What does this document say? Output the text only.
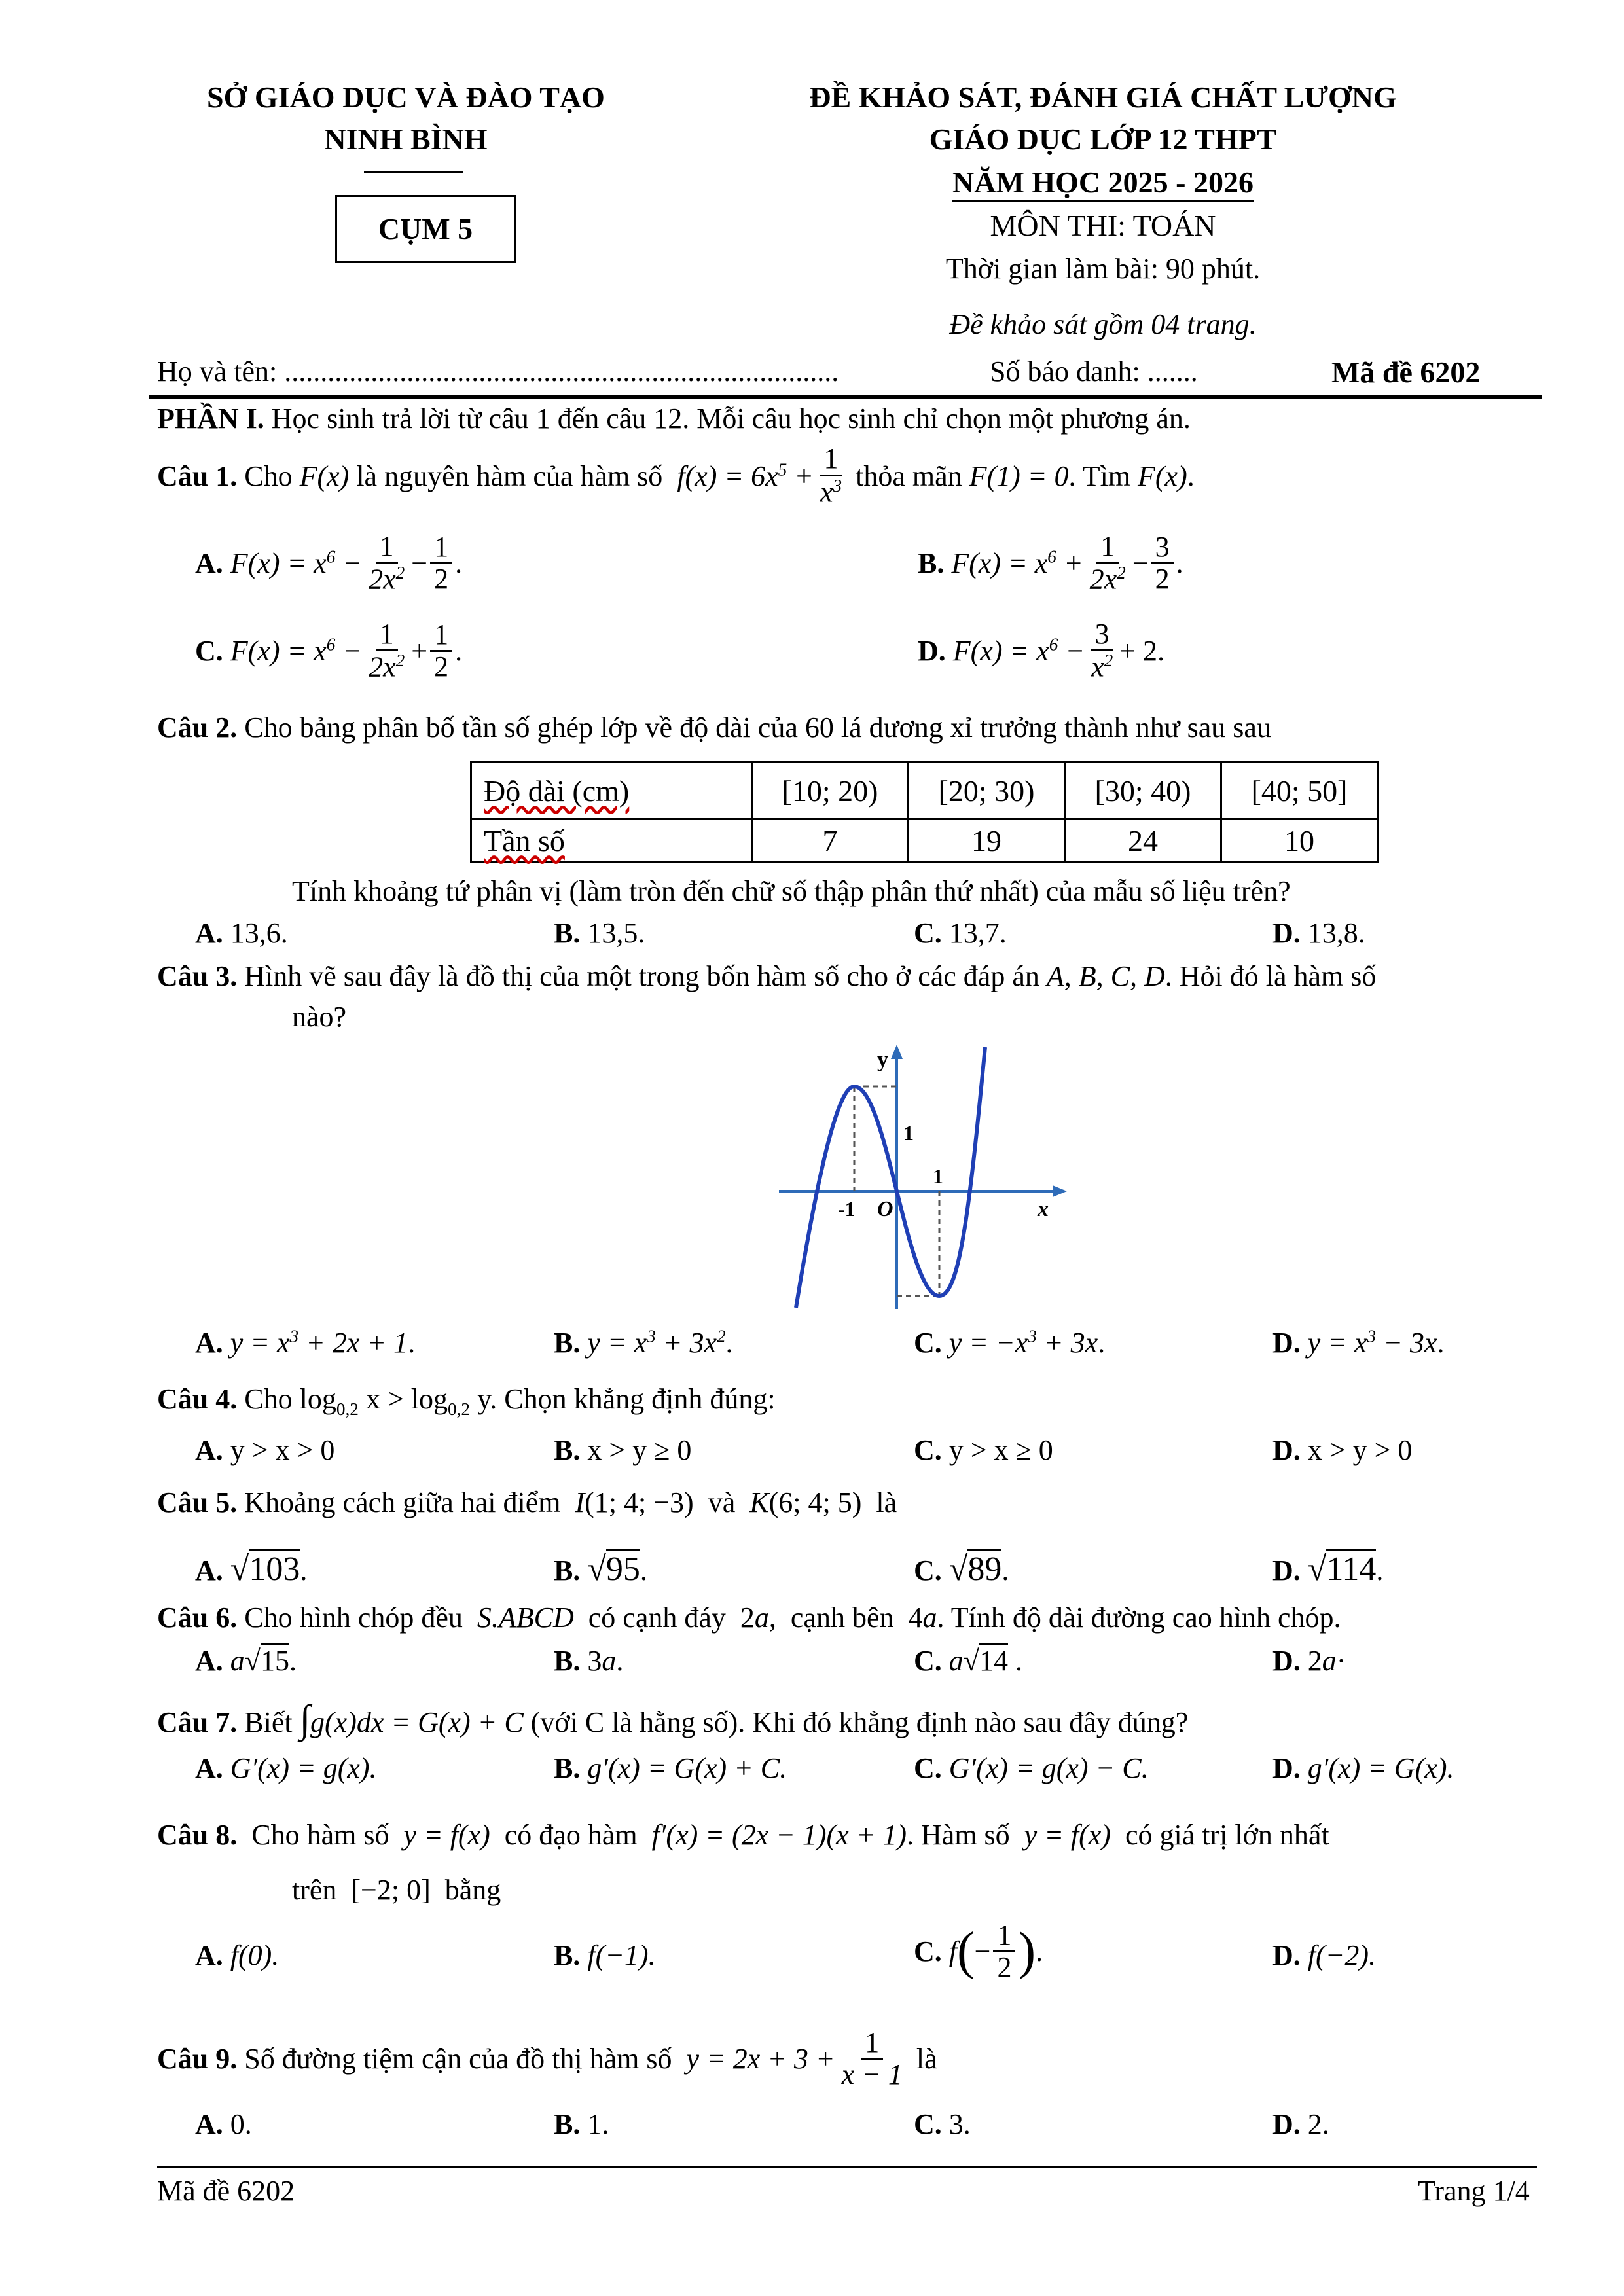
SỞ GIÁO DỤC VÀ ĐÀO TẠO
NINH BÌNH
CỤM 5
ĐỀ KHẢO SÁT, ĐÁNH GIÁ CHẤT LƯỢNG
GIÁO DỤC LỚP 12 THPT
NĂM HỌC 2025 - 2026
MÔN THI: TOÁN
Thời gian làm bài: 90 phút.
Đề khảo sát gồm 04 trang.
Họ và tên: .............................................................................	Số báo danh: .......	Mã đề 6202
PHẦN I. Học sinh trả lời từ câu 1 đến câu 12. Mỗi câu học sinh chỉ chọn một phương án.
Câu 1.
Cho
F(x)
là nguyên hàm của hàm số
$f(x) = 6x^5 + \frac{1}{x^3}$
thỏa mãn
F(1) = 0 . Tìm
F(x) .
A.
$F(x) = x^6 - \frac{1}{2x^2} - \frac{1}{2}$ .	B.
$F(x) = x^6 + \frac{1}{2x^2} - \frac{3}{2}$ .
C.
$F(x) = x^6 - \frac{1}{2x^2} + \frac{1}{2}$ .	D.
$F(x) = x^6 - \frac{3}{x^2} + 2$ .
Câu 2. Cho bảng phân bố tần số ghép lớp về độ dài của 60 lá dương xỉ trưởng thành như sau sau
Độ dài (cm)	[10; 20)	[20; 30)	[30; 40)	[40; 50]
Tần số	7	19	24	10
Tính khoảng tứ phân vị (làm tròn đến chữ số thập phân thứ nhất) của mẫu số liệu trên?
A. 13,6.	B. 13,5.	C. 13,7.	D. 13,8.
Câu 3. Hình vẽ sau đây là đồ thị của một trong bốn hàm số cho ở các đáp án A, B, C, D. Hỏi đó là hàm số
nào?
y
x
O
-1
1
1
A. $y = x^3 + 2x + 1$.	B. $y = x^3 + 3x^2$.	C. $y = -x^3 + 3x$.	D. $y = x^3 - 3x$.
Câu 4. Cho $\log_{0,2} x > \log_{0,2} y$. Chọn khẳng định đúng:
A. y > x > 0	B. x > y ≥ 0	C. y > x ≥ 0	D. x > y > 0
Câu 5. Khoảng cách giữa hai điểm I(1; 4; −3)  và K(6; 4; 5)  là
A. √103.	B. √95.	C. √89.	D. √114.
Câu 6. Cho hình chóp đều S.ABCD có cạnh đáy  2a,  cạnh bên  4a. Tính độ dài đường cao hình chóp.
A. a√15.	B. 3a.	C. a√14 .	D. 2a·
Câu 7. Biết ∫g(x)dx = G(x) + C (với C là hằng số). Khi đó khẳng định nào sau đây đúng?
A. G′(x) = g(x).	B. g′(x) = G(x) + C.	C. G′(x) = g(x) − C.	D. g′(x) = G(x).
Câu 8. Cho hàm số y = f(x) có đạo hàm f′(x) = (2x − 1)(x + 1). Hàm số y = f(x) có giá trị lớn nhất
trên  [−2; 0]  bằng
A. f(0).	B. f(−1).	C.
f ( − $\frac{1}{2}$ ) .	D. f(−2).
Câu 9.
Số đường tiệm cận của đồ thị hàm số
$y = 2x + 3 + \frac{1}{x - 1}$
là
A. 0.	B. 1.	C. 3.	D. 2.
Mã đề 6202	Trang 1/4
